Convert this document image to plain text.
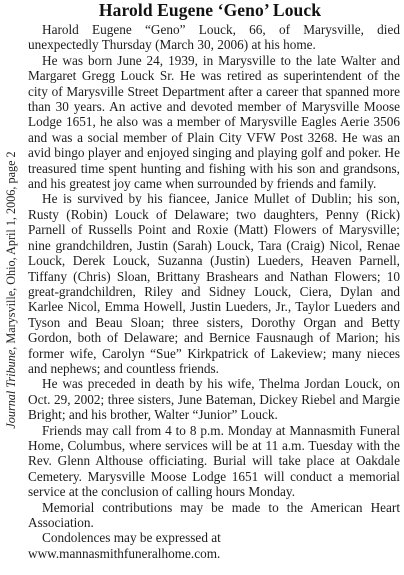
Journal Tribune, Marysville, Ohio, April 1, 2006, page 2
Harold Eugene ‘Geno’ Louck

Harold Eugene “Geno” Louck, 66, of Marysville, died unexpectedly Thursday (March 30, 2006) at his home.

He was born June 24, 1939, in Marysville to the late Walter and Margaret Gregg Louck Sr. He was retired as superintendent of the city of Marysville Street Department after a career that spanned more than 30 years. An active and devoted member of Marysville Moose Lodge 1651, he also was a member of Marysville Eagles Aerie 3506 and was a social member of Plain City VFW Post 3268. He was an avid bingo player and enjoyed singing and playing golf and poker. He treasured time spent hunting and fishing with his son and grandsons, and his greatest joy came when surrounded by friends and family.

He is survived by his fiancee, Janice Mullet of Dublin; his son, Rusty (Robin) Louck of Delaware; two daughters, Penny (Rick) Parnell of Russells Point and Roxie (Matt) Flowers of Marysville; nine grandchildren, Justin (Sarah) Louck, Tara (Craig) Nicol, Renae Louck, Derek Louck, Suzanna (Justin) Lueders, Heaven Parnell, Tiffany (Chris) Sloan, Brittany Brashears and Nathan Flowers; 10 great-grandchildren, Riley and Sidney Louck, Ciera, Dylan and Karlee Nicol, Emma Howell, Justin Lueders, Jr., Taylor Lueders and Tyson and Beau Sloan; three sisters, Dorothy Organ and Betty Gordon, both of Delaware; and Bernice Fausnaugh of Marion; his former wife, Carolyn “Sue” Kirkpatrick of Lakeview; many nieces and nephews; and countless friends.

He was preceded in death by his wife, Thelma Jordan Louck, on Oct. 29, 2002; three sisters, June Bateman, Dickey Riebel and Margie Bright; and his brother, Walter “Junior” Louck.

Friends may call from 4 to 8 p.m. Monday at Mannasmith Funeral Home, Columbus, where services will be at 11 a.m. Tuesday with the Rev. Glenn Althouse officiating. Burial will take place at Oakdale Cemetery. Marysville Moose Lodge 1651 will conduct a memorial service at the conclusion of calling hours Monday.

Memorial contributions may be made to the American Heart Association.

Condolences may be expressed at

www.mannasmithfuneralhome.com.
